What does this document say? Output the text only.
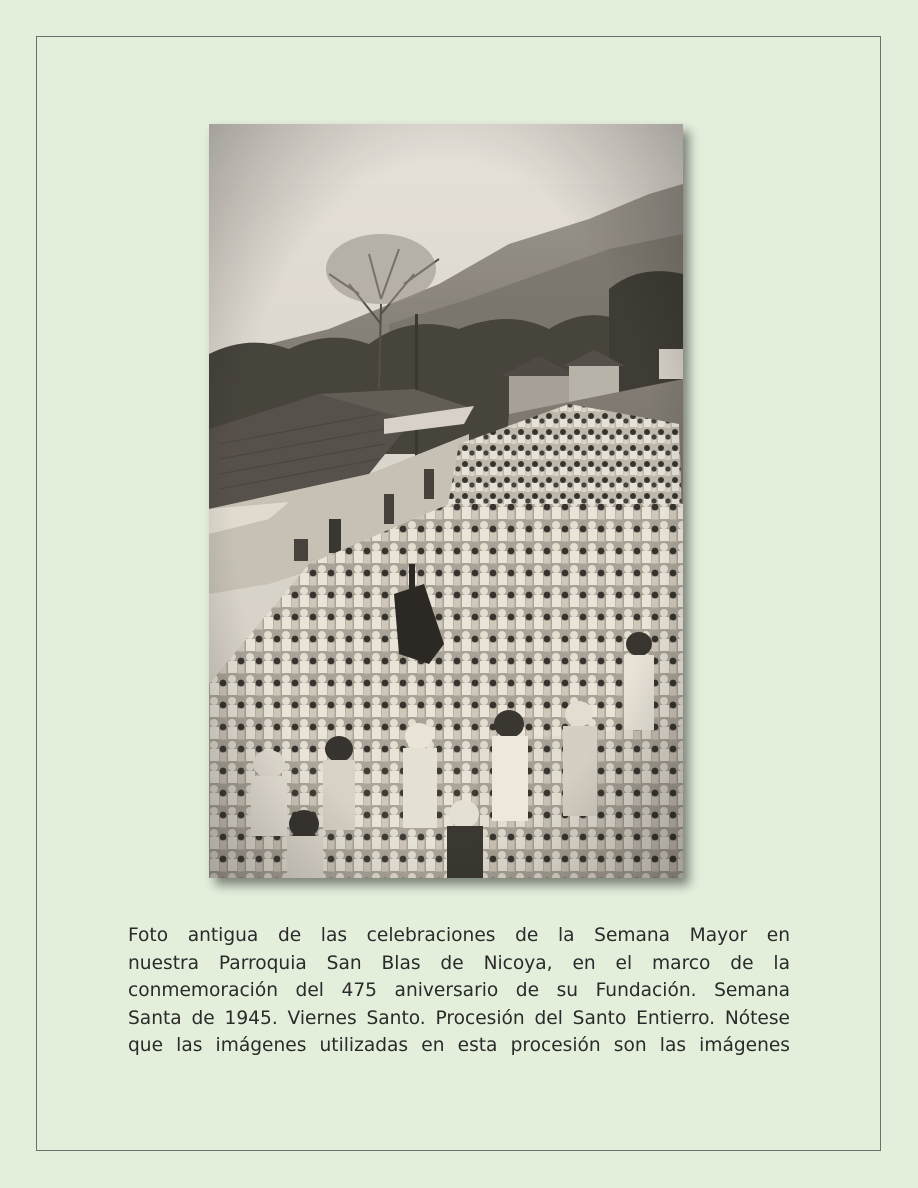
Foto antigua de las celebraciones de la Semana Mayor en
nuestra Parroquia San Blas de Nicoya, en el marco de la
conmemoración del 475 aniversario de su Fundación. Semana
Santa de 1945. Viernes Santo. Procesión del Santo Entierro. Nótese
que las imágenes utilizadas en esta procesión son las imágenes
